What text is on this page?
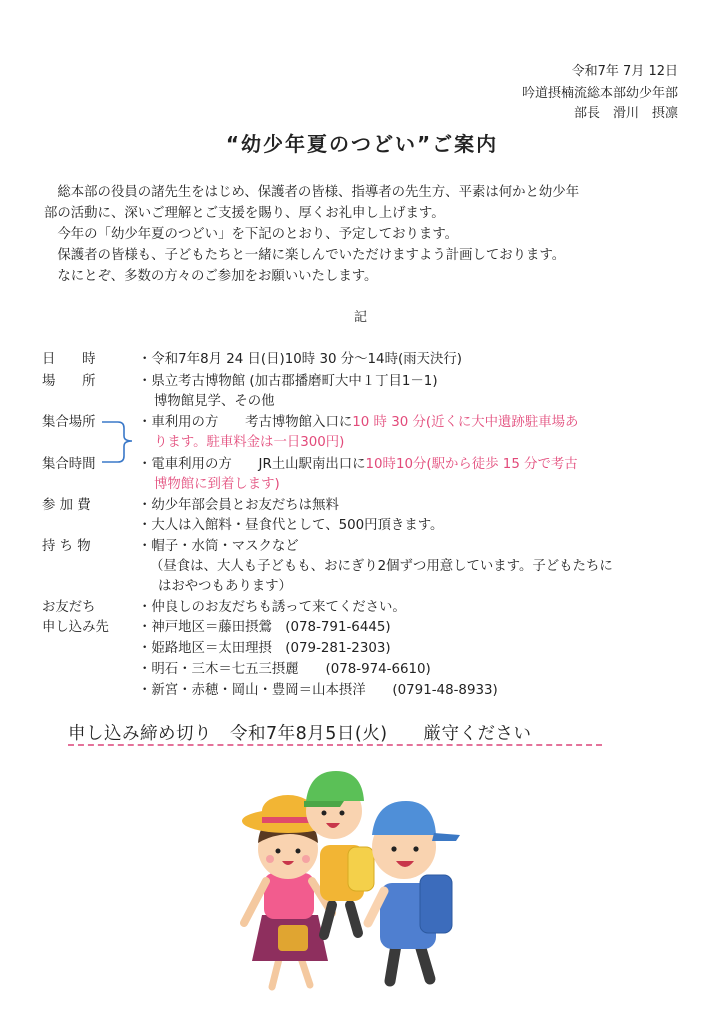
令和7年 7月 12日
吟道摂楠流総本部幼少年部
部長　滑川　摂凛
“幼少年夏のつどい”ご案内
　総本部の役員の諸先生をはじめ、保護者の皆様、指導者の先生方、平素は何かと幼少年
部の活動に、深いご理解とご支援を賜り、厚くお礼申し上げます。
　今年の「幼少年夏のつどい」を下記のとおり、予定しております。
　保護者の皆様も、子どもたちと一緒に楽しんでいただけますよう計画しております。
　なにとぞ、多数の方々のご参加をお願いいたします。
記
日　　時	・令和7年8月 24 日(日)10時 30 分～14時(雨天決行)
場　　所	・県立考古博物館 (加古郡播磨町大中１丁目1－1)
博物館見学、その他
集合場所	・車利用の方　　考古博物館入口に10 時 30 分(近くに大中遺跡駐車場あ
ります。駐車料金は一日300円)
集合時間	・電車利用の方　　JR土山駅南出口に10時10分(駅から徒歩 15 分で考古
博物館に到着します)
参 加 費	・幼少年部会員とお友だちは無料
・大人は入館料・昼食代として、500円頂きます。
持 ち 物	・帽子・水筒・マスクなど
（昼食は、大人も子どもも、おにぎり2個ずつ用意しています。子どもたちに
はおやつもあります）
お友だち	・仲良しのお友だちも誘って来てください。
申し込み先 ・神戸地区＝藤田摂鶯　(078-791-6445)
・姫路地区＝太田理摂　(079-281-2303)
・明石・三木＝七五三摂麗　　(078-974-6610)
・新宮・赤穂・岡山・豊岡＝山本摂洋　　(0791-48-8933)
申し込み締め切り　令和7年8月5日(火)　　厳守ください
